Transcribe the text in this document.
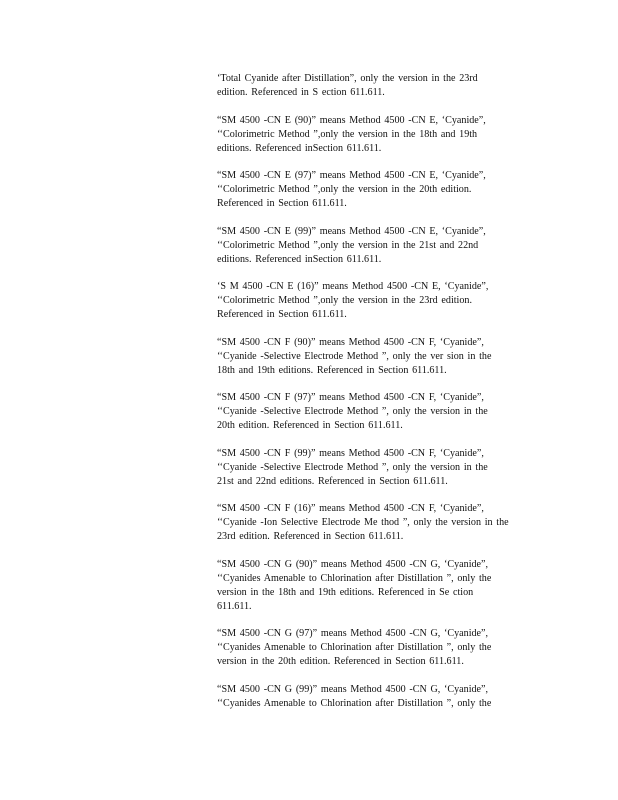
‘Total Cyanide after Distillation”, only the version in the 23rd
edition. Referenced in S ection 611.611.

“SM 4500 -CN E (90)” means Method 4500 -CN E, ‘Cyanide”,
‘‘Colorimetric Method ”,only the version in the 18th and 19th
editions. Referenced inSection 611.611.

“SM 4500 -CN E (97)” means Method 4500 -CN E, ‘Cyanide”,
‘‘Colorimetric Method ”,only the version in the 20th edition.
Referenced in Section 611.611.

“SM 4500 -CN E (99)” means Method 4500 -CN E, ‘Cyanide”,
‘‘Colorimetric Method ”,only the version in the 21st and 22nd
editions. Referenced inSection 611.611.

‘S M 4500 -CN E (16)” means Method 4500 -CN E, ‘Cyanide”,
‘‘Colorimetric Method ”,only the version in the 23rd edition.
Referenced in Section 611.611.

“SM 4500 -CN F (90)” means Method 4500 -CN F, ‘Cyanide”,
‘‘Cyanide -Selective Electrode Method ”, only the ver sion in the
18th and 19th editions. Referenced in Section 611.611.

“SM 4500 -CN F (97)” means Method 4500 -CN F, ‘Cyanide”,
‘‘Cyanide -Selective Electrode Method ”, only the version in the
20th edition. Referenced in Section 611.611.

“SM 4500 -CN F (99)” means Method 4500 -CN F, ‘Cyanide”,
‘‘Cyanide -Selective Electrode Method ”, only the version in the
21st and 22nd editions. Referenced in Section 611.611.

“SM 4500 -CN F (16)” means Method 4500 -CN F, ‘Cyanide”,
‘‘Cyanide -Ion Selective Electrode Me thod ”, only the version in the
23rd edition. Referenced in Section 611.611.

“SM 4500 -CN G (90)” means Method 4500 -CN G, ‘Cyanide”,
‘‘Cyanides Amenable to Chlorination after Distillation ”, only the
version in the 18th and 19th editions. Referenced in Se ction
611.611.

“SM 4500 -CN G (97)” means Method 4500 -CN G, ‘Cyanide”,
‘‘Cyanides Amenable to Chlorination after Distillation ”, only the
version in the 20th edition. Referenced in Section 611.611.

“SM 4500 -CN G (99)” means Method 4500 -CN G, ‘Cyanide”,
‘‘Cyanides Amenable to Chlorination after Distillation ”, only the
